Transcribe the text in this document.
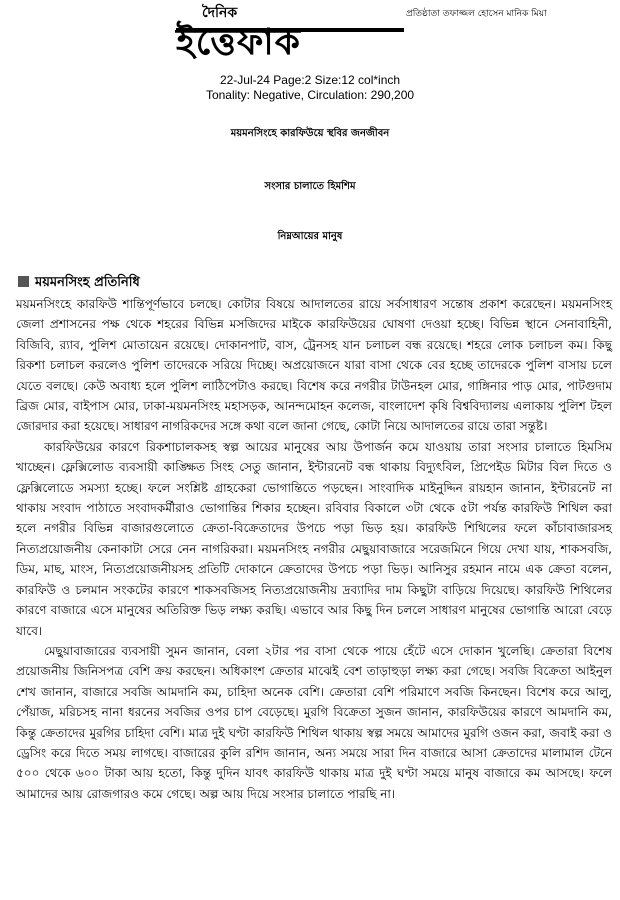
দৈনিক
ইত্তেফাক
প্রতিষ্ঠাতা তফাজ্জল হোসেন মানিক মিয়া
22-Jul-24 Page:2 Size:12 col*inch
Tonality: Negative, Circulation: 290,200
ময়মনসিংহে কারফিউয়ে স্থবির জনজীবন
সংসার চালাতে হিমশিম
নিম্নআয়ের মানুষ
ময়মনসিংহ প্রতিনিধি

ময়মনসিংহে কারফিউ শান্তিপূর্ণভাবে চলছে। কোটার বিষয়ে আদালতের রায়ে সর্বসাধারণ সন্তোষ প্রকাশ করেছেন। ময়মনসিংহ জেলা প্রশাসনের পক্ষ থেকে শহরের বিভিন্ন মসজিদের মাইকে কারফিউয়ের ঘোষণা দেওয়া হচ্ছে। বিভিন্ন স্থানে সেনাবাহিনী, বিজিবি, র‌্যাব, পুলিশ মোতায়েন রয়েছে। দোকানপাট, বাস, ট্রেনসহ যান চলাচল বন্ধ রয়েছে। শহরে লোক চলাচল কম। কিছু রিকশা চলাচল করলেও পুলিশ তাদেরকে সরিয়ে দিচ্ছে। অপ্রয়োজনে যারা বাসা থেকে বের হচ্ছে তাদেরকে পুলিশ বাসায় চলে যেতে বলছে। কেউ অবাধ্য হলে পুলিশ লাঠিপেটাও করছে। বিশেষ করে নগরীর টাউনহল মোর, গাঙ্গিনার পাড় মোর, পাটগুদাম ব্রিজ মোর, বাইপাস মোর, ঢাকা-ময়মনসিংহ মহাসড়ক, আনন্দমোহন কলেজ, বাংলাদেশ কৃষি বিশ্ববিদ্যালয় এলাকায় পুলিশ টহল জোরদার করা হয়েছে। সাধারণ নাগরিকদের সঙ্গে কথা বলে জানা গেছে, কোটা নিয়ে আদালতের রায়ে তারা সন্তুষ্ট।

কারফিউয়ের কারণে রিকশাচালকসহ স্বল্প আয়ের মানুষের আয় উপার্জন কমে যাওয়ায় তারা সংসার চালাতে হিমসিম খাচ্ছেন। ফ্লেক্সিলোড ব্যবসায়ী কাঙ্ক্ষিত সিংহ সেতু জানান, ইন্টারনেট বন্ধ থাকায় বিদ্যুৎবিল, প্রিপেইড মিটার বিল দিতে ও ফ্লেক্সিলোডে সমস্যা হচ্ছে। ফলে সংশ্লিষ্ট গ্রাহকেরা ভোগান্তিতে পড়ছেন। সাংবাদিক মাইনুদ্দিন রায়হান জানান, ইন্টারনেট না থাকায় সংবাদ পাঠাতে সংবাদকর্মীরাও ভোগান্তির শিকার হচ্ছেন। রবিবার বিকালে ৩টা থেকে ৫টা পর্যন্ত কারফিউ শিথিল করা হলে নগরীর বিভিন্ন বাজারগুলোতে ক্রেতা-বিক্রেতাদের উপচে পড়া ভিড় হয়। কারফিউ শিথিলের ফলে কাঁচাবাজারসহ নিত্যপ্রয়োজনীয় কেনাকাটা সেরে নেন নাগরিকরা। ময়মনসিংহ নগরীর মেছুয়াবাজারে সরেজমিনে গিয়ে দেখা যায়, শাকসবজি, ডিম, মাছ, মাংস, নিত্যপ্রয়োজনীয়সহ প্রতিটি দোকানে ক্রেতাদের উপচে পড়া ভিড়। আনিসুর রহমান নামে এক ক্রেতা বলেন, কারফিউ ও চলমান সংকটের কারণে শাকসবজিসহ নিত্যপ্রয়োজনীয় দ্রব্যাদির দাম কিছুটা বাড়িয়ে দিয়েছে। কারফিউ শিথিলের কারণে বাজারে এসে মানুষের অতিরিক্ত ভিড় লক্ষ্য করছি। এভাবে আর কিছু দিন চললে সাধারণ মানুষের ভোগান্তি আরো বেড়ে যাবে।

মেছুয়াবাজারের ব্যবসায়ী সুমন জানান, বেলা ২টার পর বাসা থেকে পায়ে হেঁটে এসে দোকান খুলেছি। ক্রেতারা বিশেষ প্রয়োজনীয় জিনিসপত্র বেশি ক্রয় করছেন। অধিকাংশ ক্রেতার মাঝেই বেশ তাড়াহুড়া লক্ষ্য করা গেছে। সবজি বিক্রেতা আইনুল শেখ জানান, বাজারে সবজি আমদানি কম, চাহিদা অনেক বেশি। ক্রেতারা বেশি পরিমাণে সবজি কিনছেন। বিশেষ করে আলু, পেঁয়াজ, মরিচসহ নানা ধরনের সবজির ওপর চাপ বেড়েছে। মুরগি বিক্রেতা সুজন জানান, কারফিউয়ের কারণে আমদানি কম, কিন্তু ক্রেতাদের মুরগির চাহিদা বেশি। মাত্র দুই ঘণ্টা কারফিউ শিথিল থাকায় স্বল্প সময়ে আমাদের মুরগি ওজন করা, জবাই করা ও ড্রেসিং করে দিতে সময় লাগছে। বাজারের কুলি রশিদ জানান, অন্য সময়ে সারা দিন বাজারে আসা ক্রেতাদের মালামাল টেনে ৫০০ থেকে ৬০০ টাকা আয় হতো, কিন্তু দুদিন যাবৎ কারফিউ থাকায় মাত্র দুই ঘণ্টা সময়ে মানুষ বাজারে কম আসছে। ফলে আমাদের আয় রোজগারও কমে গেছে। অল্প আয় দিয়ে সংসার চালাতে পারছি না।
